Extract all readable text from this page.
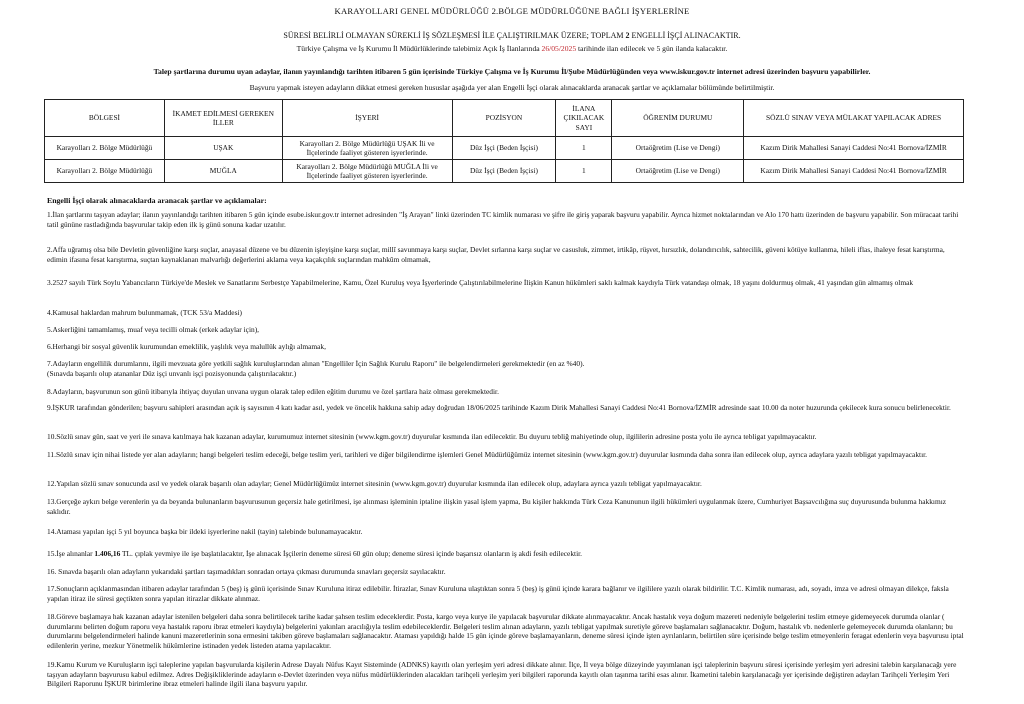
KARAYOLLARI GENEL MÜDÜRLÜĞÜ 2.BÖLGE MÜDÜRLÜĞÜNE BAĞLI İŞYERLERİNE
SÜRESİ BELİRLİ OLMAYAN SÜREKLİ İŞ SÖZLEŞMESİ İLE ÇALIŞTIRILMAK ÜZERE; TOPLAM 2 ENGELLİ İŞÇİ ALINACAKTIR.
Türkiye Çalışma ve İş Kurumu İl Müdürlüklerinde talebimiz Açık İş İlanlarında 26/05/2025 tarihinde ilan edilecek ve 5 gün ilanda kalacaktır.
Talep şartlarına durumu uyan adaylar, ilanın yayınlandığı tarihten itibaren 5 gün içerisinde Türkiye Çalışma ve İş Kurumu İl/Şube Müdürlüğünden veya www.iskur.gov.tr internet adresi üzerinden başvuru yapabilirler.
Başvuru yapmak isteyen adayların dikkat etmesi gereken hususlar aşağıda yer alan Engelli İşçi olarak alınacaklarda aranacak şartlar ve açıklamalar bölümünde belirtilmiştir.
BÖLGESİ	İKAMET EDİLMESİ GEREKEN İLLER	İŞYERİ	POZİSYON	İLANA ÇIKILACAK SAYI	ÖĞRENİM DURUMU	SÖZLÜ SINAV VEYA MÜLAKAT YAPILACAK ADRES
Karayolları 2. Bölge Müdürlüğü	UŞAK	Karayolları 2. Bölge Müdürlüğü UŞAK İli ve İlçelerinde faaliyet gösteren işyerlerinde.	Düz İşçi (Beden İşçisi)	1	Ortaöğretim (Lise ve Dengi)	Kazım Dirik Mahallesi Sanayi Caddesi No:41 Bornova/İZMİR
Karayolları 2. Bölge Müdürlüğü	MUĞLA	Karayolları 2. Bölge Müdürlüğü MUĞLA İli ve İlçelerinde faaliyet gösteren işyerlerinde.	Düz İşçi (Beden İşçisi)	1	Ortaöğretim (Lise ve Dengi)	Kazım Dirik Mahallesi Sanayi Caddesi No:41 Bornova/İZMİR
Engelli İşçi olarak alınacaklarda aranacak şartlar ve açıklamalar:
1.İlan şartlarını taşıyan adaylar; ilanın yayınlandığı tarihten itibaren 5 gün içinde esube.iskur.gov.tr internet adresinden "İş Arayan" linki üzerinden TC kimlik numarası ve şifre ile giriş yaparak başvuru yapabilir. Ayrıca hizmet noktalarından ve Alo 170 hattı üzerinden de başvuru yapabilir. Son müracaat tarihi tatil gününe rastladığında başvurular takip eden ilk iş günü sonuna kadar uzatılır.
2.Affa uğramış olsa bile Devletin güvenliğine karşı suçlar, anayasal düzene ve bu düzenin işleyişine karşı suçlar, millî savunmaya karşı suçlar, Devlet sırlarına karşı suçlar ve casusluk, zimmet, irtikâp, rüşvet, hırsızlık, dolandırıcılık, sahtecilik, güveni kötüye kullanma, hileli iflas, ihaleye fesat karıştırma, edimin ifasına fesat karıştırma, suçtan kaynaklanan malvarlığı değerlerini aklama veya kaçakçılık suçlarından mahkûm olmamak,
3.2527 sayılı Türk Soylu Yabancıların Türkiye'de Meslek ve Sanatlarını Serbestçe Yapabilmelerine, Kamu, Özel Kuruluş veya İşyerlerinde Çalıştırılabilmelerine İlişkin Kanun hükümleri saklı kalmak kaydıyla Türk vatandaşı olmak, 18 yaşını doldurmuş olmak, 41 yaşından gün almamış olmak
4.Kamusal haklardan mahrum bulunmamak, (TCK 53/a Maddesi)
5.Askerliğini tamamlamış, muaf veya tecilli olmak (erkek adaylar için),
6.Herhangi bir sosyal güvenlik kurumundan emeklilik, yaşlılık veya malullük aylığı almamak,
7.Adayların engellilik durumlarını, ilgili mevzuata göre yetkili sağlık kuruluşlarından alınan "Engelliler İçin Sağlık Kurulu Raporu" ile belgelendirmeleri gerekmektedir (en az %40).
(Sınavda başarılı olup atananlar Düz işçi unvanlı işçi pozisyonunda çalıştırılacaktır.)
8.Adayların, başvurunun son günü itibarıyla ihtiyaç duyulan unvana uygun olarak talep edilen eğitim durumu ve özel şartlara haiz olması gerekmektedir.
9.İŞKUR tarafından gönderilen; başvuru sahipleri arasından açık iş sayısının 4 katı kadar asıl, yedek ve öncelik hakkına sahip aday doğrudan 18/06/2025 tarihinde Kazım Dirik Mahallesi Sanayi Caddesi No:41 Bornova/İZMİR adresinde saat 10.00 da noter huzurunda çekilecek kura sonucu belirlenecektir.
10.Sözlü sınav gün, saat ve yeri ile sınava katılmaya hak kazanan adaylar, kurumumuz internet sitesinin (www.kgm.gov.tr) duyurular kısmında ilan edilecektir. Bu duyuru tebliğ mahiyetinde olup, ilgililerin adresine posta yolu ile ayrıca tebligat yapılmayacaktır.
11.Sözlü sınav için nihai listede yer alan adayların; hangi belgeleri teslim edeceği, belge teslim yeri, tarihleri ve diğer bilgilendirme işlemleri Genel Müdürlüğümüz internet sitesinin (www.kgm.gov.tr) duyurular kısmında daha sonra ilan edilecek olup, ayrıca adaylara yazılı tebligat yapılmayacaktır.
12.Yapılan sözlü sınav sonucunda asıl ve yedek olarak başarılı olan adaylar; Genel Müdürlüğümüz internet sitesinin (www.kgm.gov.tr) duyurular kısmında ilan edilecek olup, adaylara ayrıca yazılı tebligat yapılmayacaktır.
13.Gerçeğe aykırı belge verenlerin ya da beyanda bulunanların başvurusunun geçersiz hale getirilmesi, işe alınması işleminin iptaline ilişkin yasal işlem yapma, Bu kişiler hakkında Türk Ceza Kanununun ilgili hükümleri uygulanmak üzere, Cumhuriyet Başsavcılığına suç duyurusunda bulunma hakkımız saklıdır.
14.Ataması yapılan işçi 5 yıl boyunca başka bir ildeki işyerlerine nakil (tayin) talebinde bulunamayacaktır.
15.İşe alınanlar 1.406,16 TL. çıplak yevmiye ile işe başlatılacaktır, İşe alınacak İşçilerin deneme süresi 60 gün olup; deneme süresi içinde başarısız olanların iş akdi fesih edilecektir.
16. Sınavda başarılı olan adayların yukarıdaki şartları taşımadıkları sonradan ortaya çıkması durumunda sınavları geçersiz sayılacaktır.
17.Sonuçların açıklanmasından itibaren adaylar tarafından 5 (beş) iş günü içerisinde Sınav Kuruluna itiraz edilebilir. İtirazlar, Sınav Kuruluna ulaştıktan sonra 5 (beş) iş günü içinde karara bağlanır ve ilgililere yazılı olarak bildirilir. T.C. Kimlik numarası, adı, soyadı, imza ve adresi olmayan dilekçe, faksla yapılan itiraz ile süresi geçtikten sonra yapılan itirazlar dikkate alınmaz.
18.Göreve başlamaya hak kazanan adaylar istenilen belgeleri daha sonra belirtilecek tarihe kadar şahsen teslim edeceklerdir. Posta, kargo veya kurye ile yapılacak başvurular dikkate alınmayacaktır. Ancak hastalık veya doğum mazereti nedeniyle belgelerini teslim etmeye gidemeyecek durumda olanlar ( durumlarını belirten doğum raporu veya hastalık raporu ibraz etmeleri kaydıyla) belgelerini yakınları aracılığıyla teslim edebileceklerdir. Belgeleri teslim alınan adayların, yazılı tebligat yapılmak suretiyle göreve başlamaları sağlanacaktır. Doğum, hastalık vb. nedenlerle gelemeyecek durumda olanların; bu durumlarını belgelendirmeleri halinde kanuni mazeretlerinin sona ermesini takiben göreve başlamaları sağlanacaktır. Ataması yapıldığı halde 15 gün içinde göreve başlamayanların, deneme süresi içinde işten ayrılanların, belirtilen süre içerisinde belge teslim etmeyenlerin feragat edenlerin veya başvurusu iptal edilenlerin yerine, mezkur Yönetmelik hükümlerine istinaden yedek listeden atama yapılacaktır.
19.Kamu Kurum ve Kuruluşların işçi taleplerine yapılan başvurularda kişilerin Adrese Dayalı Nüfus Kayıt Sisteminde (ADNKS) kayıtlı olan yerleşim yeri adresi dikkate alınır. İlçe, İl veya bölge düzeyinde yayımlanan işçi taleplerinin başvuru süresi içerisinde yerleşim yeri adresini talebin karşılanacağı yere taşıyan adayların başvurusu kabul edilmez. Adres Değişikliklerinde adayların e-Devlet üzerinden veya nüfus müdürlüklerinden alacakları tarihçeli yerleşim yeri bilgileri raporunda kayıtlı olan taşınma tarihi esas alınır. İkametini talebin karşılanacağı yer içerisinde değiştiren adayları Tarihçeli Yerleşim Yeri Bilgileri Raporunu İŞKUR birimlerine ibraz etmeleri halinde ilgili ilana başvuru yapılır.
